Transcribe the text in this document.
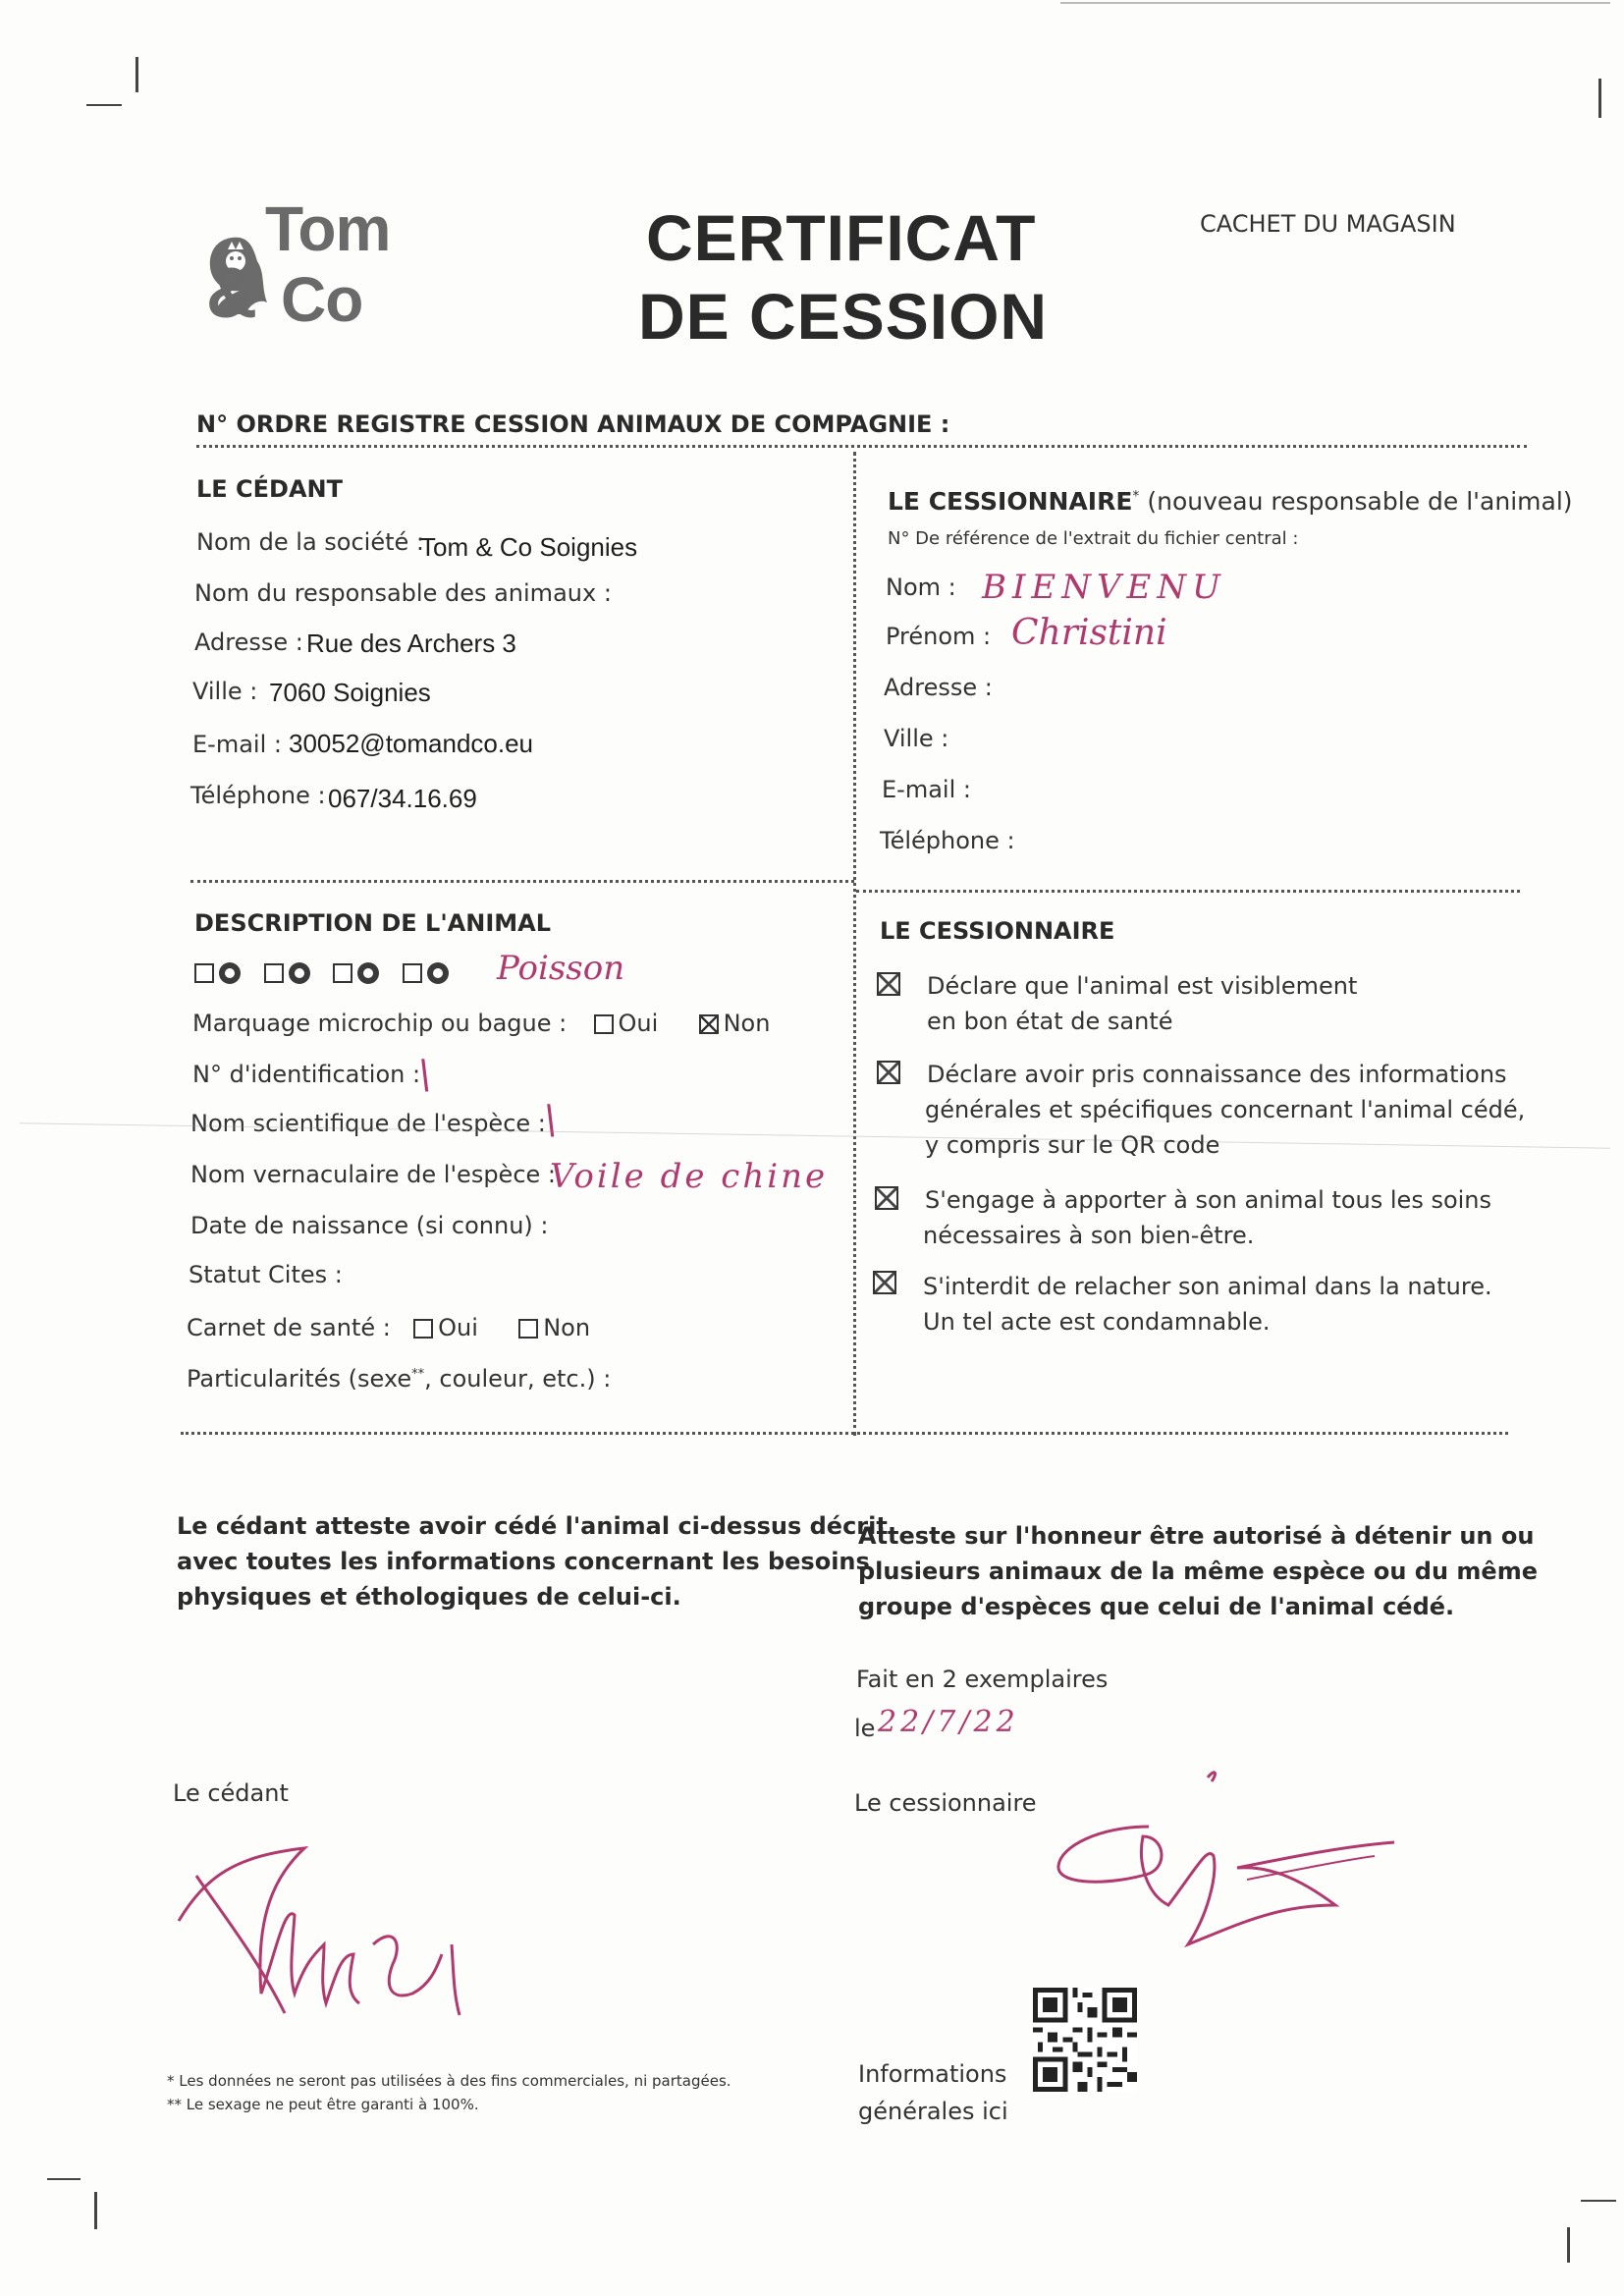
Tom
& Co
CERTIFICAT
DE CESSION
CACHET DU MAGASIN
N° ORDRE REGISTRE CESSION ANIMAUX DE COMPAGNIE :
LE CÉDANT
Nom de la société :
Tom & Co Soignies
Nom du responsable des animaux :
Adresse : Rue des Archers 3
Ville : 7060 Soignies
E-mail : 30052@tomandco.eu
Téléphone : 067/34.16.69
LE CESSIONNAIRE* (nouveau responsable de l'animal)
N° De référence de l'extrait du fichier central :
Nom : BIENVENU
Prénom : Christini
Adresse :
Ville :
E-mail :
Téléphone :
DESCRIPTION DE L'ANIMAL

Poisson
Marquage microchip ou bague : Oui	Non
N° d'identification :
\
Nom scientifique de l'espèce :
\
Nom vernaculaire de l'espèce :
Voile de chine
Date de naissance (si connu) :
Statut Cites :
Carnet de santé : Oui	Non
Particularités (sexe**, couleur, etc.) :
LE CESSIONNAIRE
Déclare que l'animal est visiblement
en bon état de santé
Déclare avoir pris connaissance des informations
générales et spécifiques concernant l'animal cédé,
y compris sur le QR code
S'engage à apporter à son animal tous les soins
nécessaires à son bien-être.
S'interdit de relacher son animal dans la nature.
Un tel acte est condamnable.
Le cédant atteste avoir cédé l'animal ci-dessus décrit
avec toutes les informations concernant les besoins
physiques et éthologiques de celui-ci.
Atteste sur l'honneur être autorisé à détenir un ou
plusieurs animaux de la même espèce ou du même
groupe d'espèces que celui de l'animal cédé.
Fait en 2 exemplaires
le 22/7/22
Le cédant	Le cessionnaire
* Les données ne seront pas utilisées à des fins commerciales, ni partagées.
** Le sexage ne peut être garanti à 100%.
Informations
générales ici
